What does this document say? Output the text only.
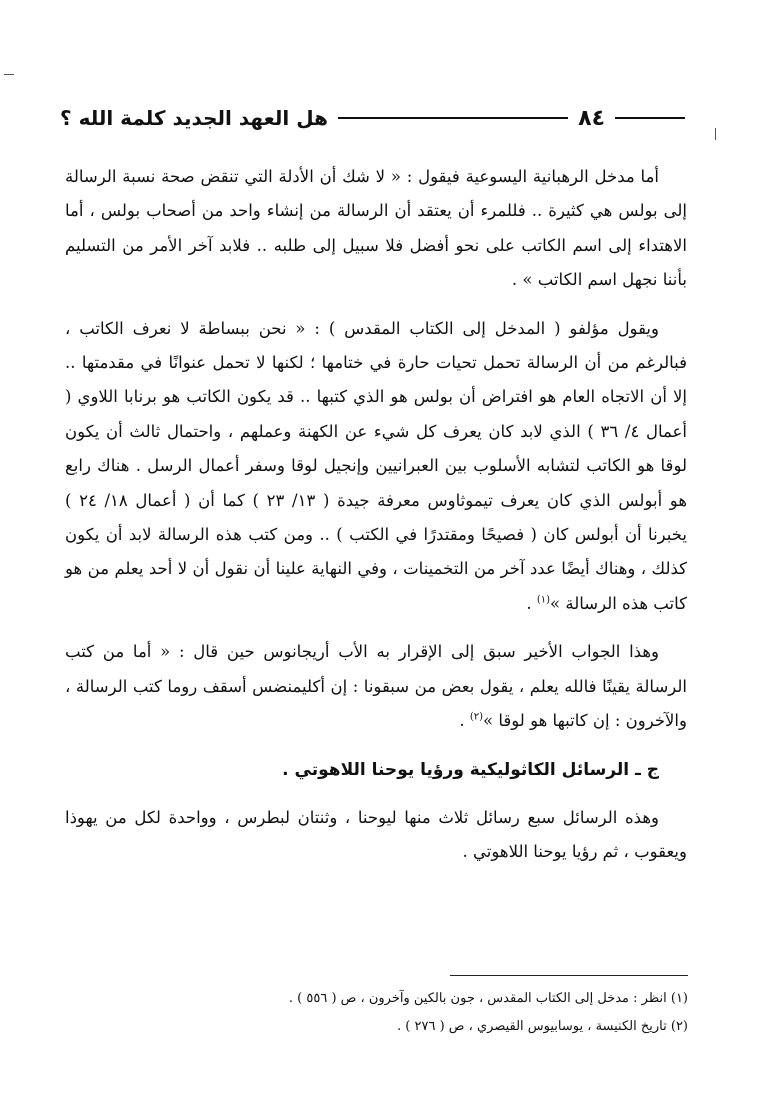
هل العهد الجديد كلمة الله ؟	٨٤

أما مدخل الرهبانية اليسوعية فيقول : « لا شك أن الأدلة التي تنقض صحة نسبة الرسالة إلى بولس هي كثيرة .. فللمرء أن يعتقد أن الرسالة من إنشاء واحد من أصحاب بولس ، أما الاهتداء إلى اسم الكاتب على نحو أفضل فلا سبيل إلى طلبه .. فلابد آخر الأمر من التسليم بأننا نجهل اسم الكاتب » .

ويقول مؤلفو ( المدخل إلى الكتاب المقدس ) : « نحن ببساطة لا نعرف الكاتب ، فبالرغم من أن الرسالة تحمل تحيات حارة في ختامها ؛ لكنها لا تحمل عنوانًا في مقدمتها .. إلا أن الاتجاه العام هو افتراض أن بولس هو الذي كتبها .. قد يكون الكاتب هو برنابا اللاوي ( أعمال ٤/ ٣٦ ) الذي لابد كان يعرف كل شيء عن الكهنة وعملهم ، واحتمال ثالث أن يكون لوقا هو الكاتب لتشابه الأسلوب بين العبرانيين وإنجيل لوقا وسفر أعمال الرسل . هناك رابع هو أبولس الذي كان يعرف تيموثاوس معرفة جيدة ( ١٣/ ٢٣ ) كما أن ( أعمال ١٨/ ٢٤ ) يخبرنا أن أبولس كان ( فصيحًا ومقتدرًا في الكتب ) .. ومن كتب هذه الرسالة لابد أن يكون كذلك ، وهناك أيضًا عدد آخر من التخمينات ، وفي النهاية علينا أن نقول أن لا أحد يعلم من هو كاتب هذه الرسالة »$^{(١)}$ .

وهذا الجواب الأخير سبق إلى الإقرار به الأب أريجانوس حين قال : « أما من كتب الرسالة يقينًا فالله يعلم ، يقول بعض من سبقونا : إن أكليمنضس أسقف روما كتب الرسالة ، والآخرون : إن كاتبها هو لوقا »$^{(٢)}$ .

ج ـ الرسائل الكاثوليكية ورؤيا يوحنا اللاهوتي .

وهذه الرسائل سبع رسائل ثلاث منها ليوحنا ، وثنتان لبطرس ، وواحدة لكل من يهوذا ويعقوب ، ثم رؤيا يوحنا اللاهوتي .

(١) انظر : مدخل إلى الكتاب المقدس ، جون بالكين وآخرون ، ص ( ٥٥٦ ) .

(٢) تاريخ الكنيسة ، يوسابيوس القيصري ، ص ( ٢٧٦ ) .
